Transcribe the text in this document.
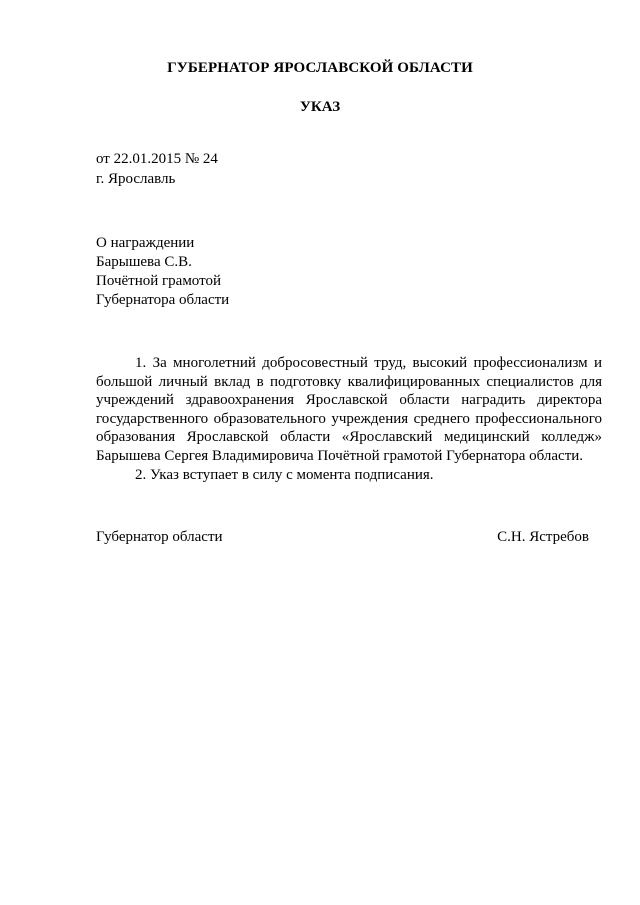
ГУБЕРНАТОР ЯРОСЛАВСКОЙ ОБЛАСТИ
УКАЗ
от 22.01.2015 № 24
г. Ярославль
О награждении
Барышева С.В.
Почётной грамотой
Губернатора области

1. За многолетний добросовестный труд, высокий профессионализм и большой личный вклад в подготовку квалифицированных специалистов для учреждений здравоохранения Ярославской области наградить директора государственного образовательного учреждения среднего профессионального образования Ярославской области «Ярославский медицинский колледж» Барышева Сергея Владимировича Почётной грамотой Губернатора области.

2. Указ вступает в силу с момента подписания.

Губернатор области	С.Н. Ястребов
